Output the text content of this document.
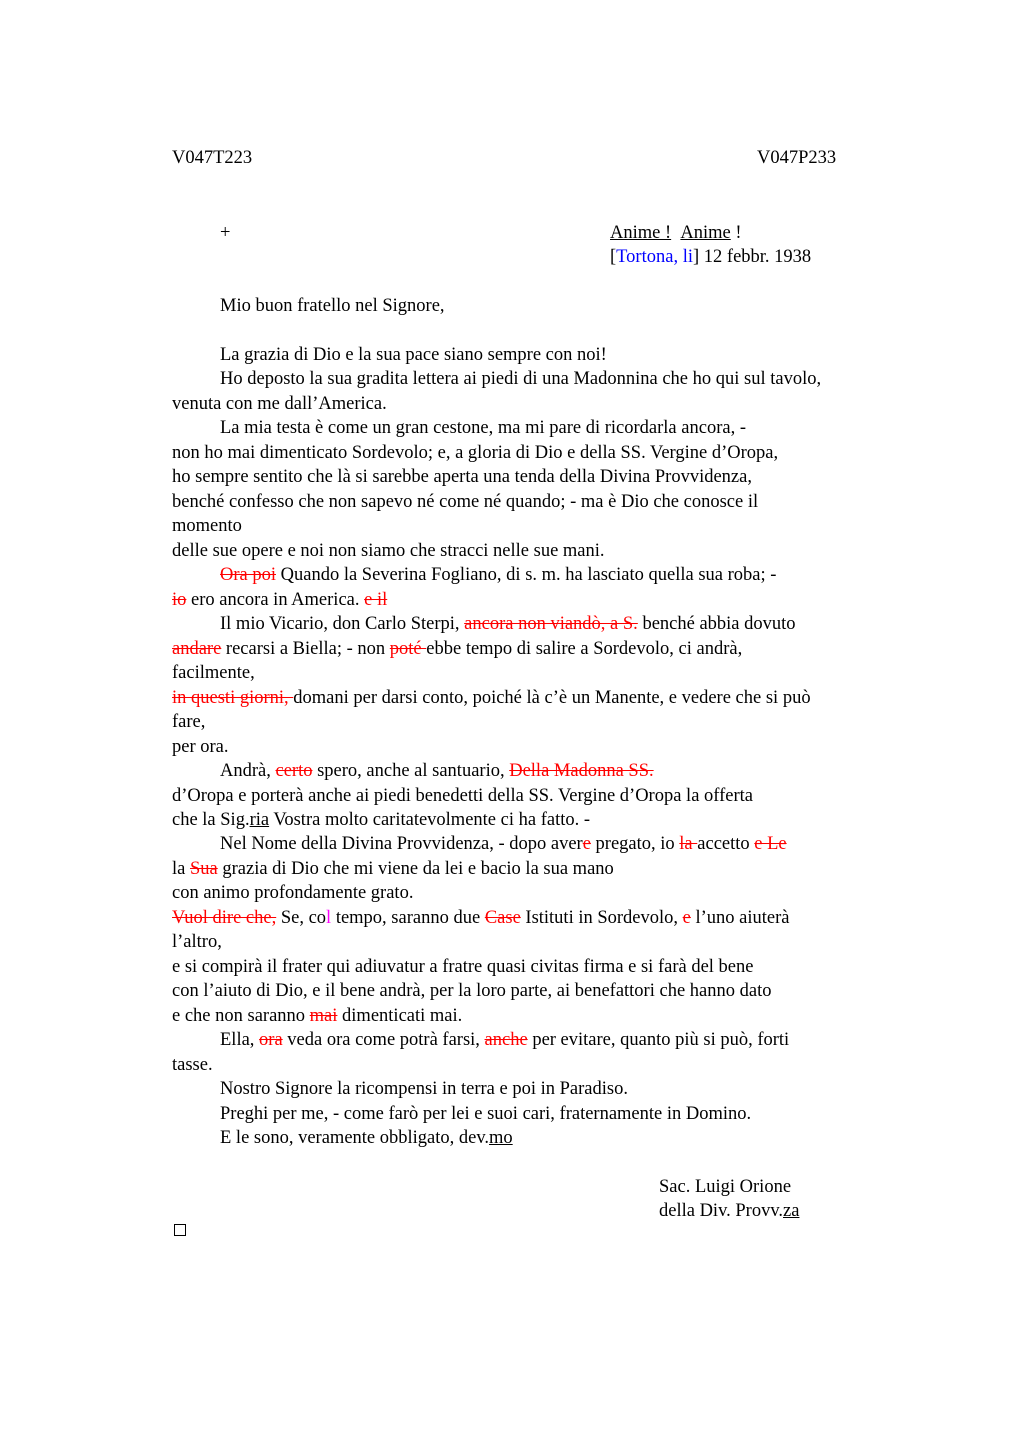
V047T223	V047P233
+	Anime ! Anime !
[Tortona, li] 12 febbr. 1938
Mio buon fratello nel Signore,
La grazia di Dio e la sua pace siano sempre con noi!
Ho deposto la sua gradita lettera ai piedi di una Madonnina che ho qui sul tavolo,
venuta con me dall’America.
La mia testa è come un gran cestone, ma mi pare di ricordarla ancora, -
non ho mai dimenticato Sordevolo; e, a gloria di Dio e della SS. Vergine d’Oropa,
ho sempre sentito che là si sarebbe aperta una tenda della Divina Provvidenza,
benché confesso che non sapevo né come né quando; - ma è Dio che conosce il
momento
delle sue opere e noi non siamo che stracci nelle sue mani.
Ora poi Quando la Severina Fogliano, di s. m. ha lasciato quella sua roba; -
io ero ancora in America. e il
Il mio Vicario, don Carlo Sterpi, ancora non viandò, a S. benché abbia dovuto
andare recarsi a Biella; - non poté ebbe tempo di salire a Sordevolo, ci andrà,
facilmente,
in questi giorni, domani per darsi conto, poiché là c’è un Manente, e vedere che si può
fare,
per ora.
Andrà, certo spero, anche al santuario, Della Madonna SS.
d’Oropa e porterà anche ai piedi benedetti della SS. Vergine d’Oropa la offerta
che la Sig.ria Vostra molto caritatevolmente ci ha fatto. -
Nel Nome della Divina Provvidenza, - dopo avere pregato, io la accetto e Le
la Sua grazia di Dio che mi viene da lei e bacio la sua mano
con animo profondamente grato.
Vuol dire che, Se, col tempo, saranno due Case Istituti in Sordevolo, e l’uno aiuterà
l’altro,
e si compirà il frater qui adiuvatur a fratre quasi civitas firma e si farà del bene
con l’aiuto di Dio, e il bene andrà, per la loro parte, ai benefattori che hanno dato
e che non saranno mai dimenticati mai.
Ella, ora veda ora come potrà farsi, anche per evitare, quanto più si può, forti
tasse.
Nostro Signore la ricompensi in terra e poi in Paradiso.
Preghi per me, - come farò per lei e suoi cari, fraternamente in Domino.
E le sono, veramente obbligato, dev.mo
Sac. Luigi Orione
della Div. Provv.za
